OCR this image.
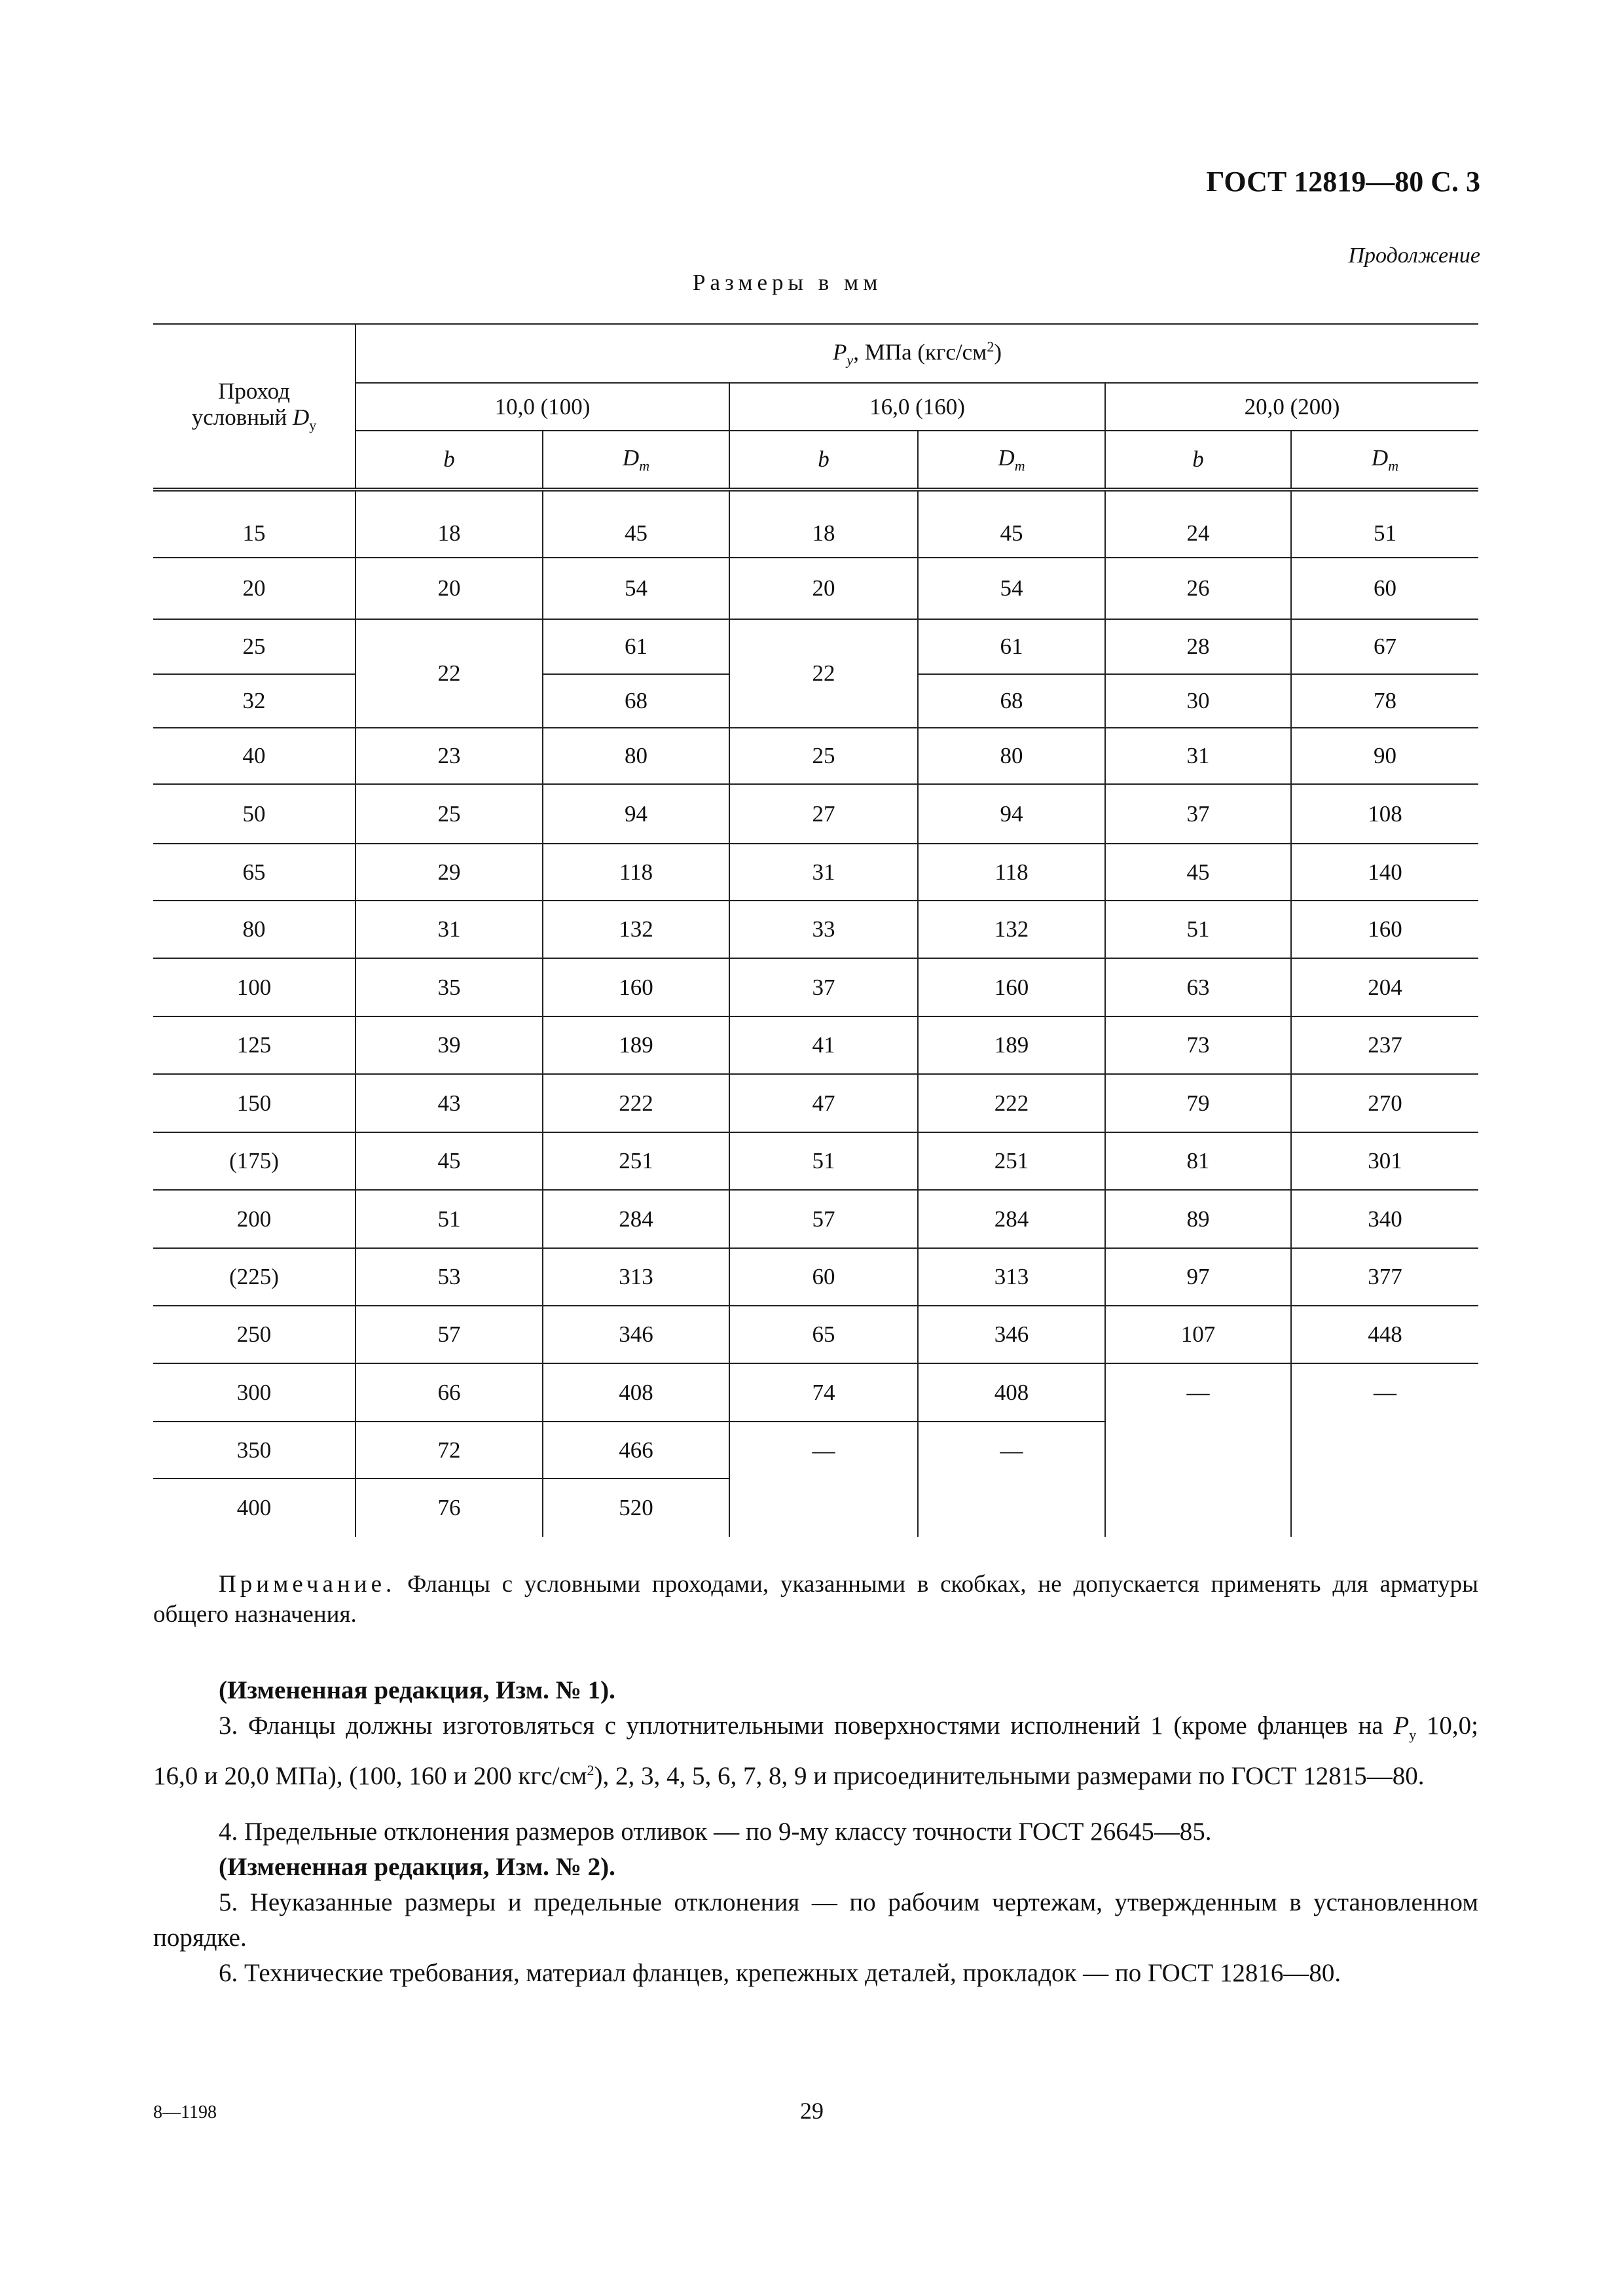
ГОСТ 12819—80 С. 3
Продолжение
Размеры в мм
Проход
условный $D_у$	$P_y$, МПа $(кгс/см^2)$					
	10,0 (100)		16,0 (160)		20,0 (200)	
	b	$D_m$	b	$D_m$	b	$D_m$
15	18	45	18	45	24	51
20	20	54	20	54	26	60
25	22	61	22	61	28	67
32		68		68	30	78
40	23	80	25	80	31	90
50	25	94	27	94	37	108
65	29	118	31	118	45	140
80	31	132	33	132	51	160
100	35	160	37	160	63	204
125	39	189	41	189	73	237
150	43	222	47	222	79	270
(175)	45	251	51	251	81	301
200	51	284	57	284	89	340
(225)	53	313	60	313	97	377
250	57	346	65	346	107	448
300	66	408	74	408	—	—
350	72	466	—	—		
400	76	520				
Примечание. Фланцы с условными проходами, указанными в скобках, не допускается применять для арматуры общего назначения.
(Измененная редакция, Изм. № 1).
3. Фланцы должны изготовляться с уплотнительными поверхностями исполнений 1 (кроме фланцев на $P_у$ 10,0; 16,0 и 20,0 МПа), (100, 160 и 200 кгс/$см^2$), 2, 3, 4, 5, 6, 7, 8, 9 и присоединительными размерами по ГОСТ 12815—80.
4. Предельные отклонения размеров отливок — по 9-му классу точности ГОСТ 26645—85.
(Измененная редакция, Изм. № 2).
5. Неуказанные размеры и предельные отклонения — по рабочим чертежам, утвержденным в установленном порядке.
6. Технические требования, материал фланцев, крепежных деталей, прокладок — по ГОСТ 12816—80.
8—1198	29
